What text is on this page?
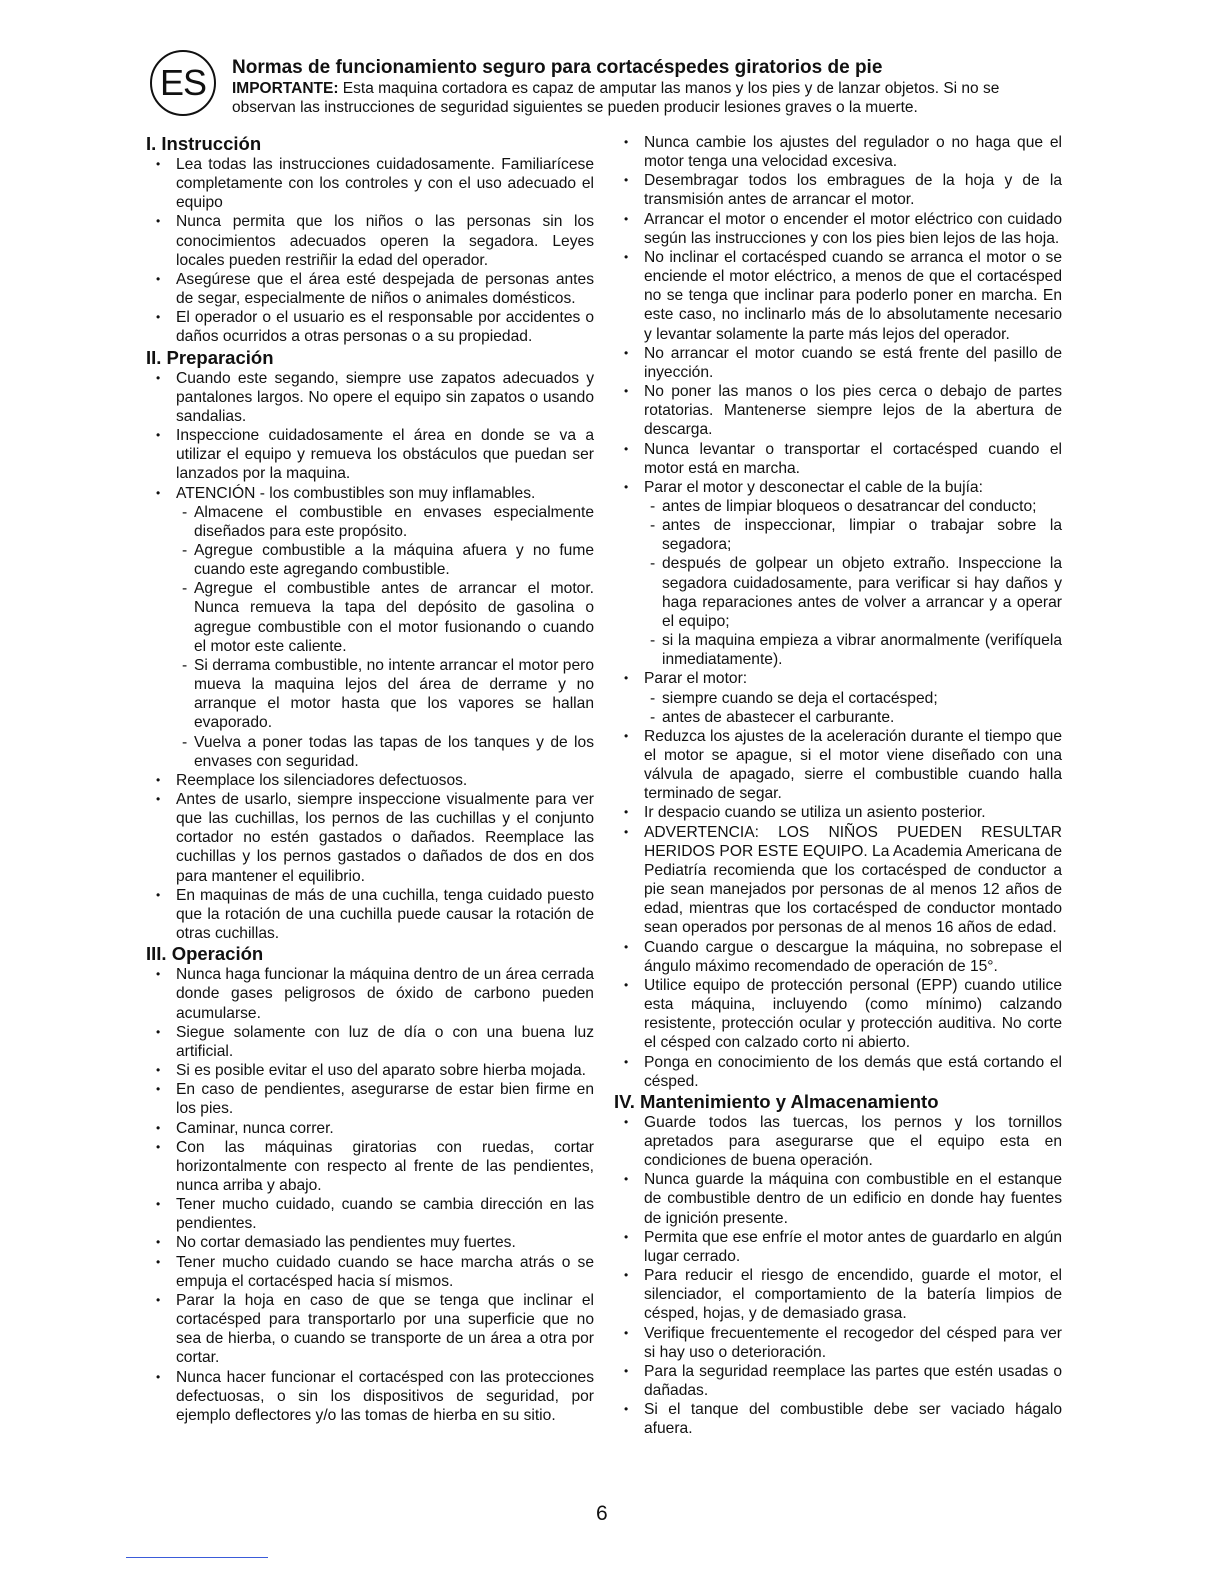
ES	Normas de funcionamiento seguro para cortacéspedes giratorios de pie
IMPORTANTE: Esta maquina cortadora es capaz de amputar las manos y los pies y de lanzar objetos. Si no se observan las instrucciones de seguridad siguientes se pueden producir lesiones graves o la muerte.
I. Instrucción
• Lea todas las instrucciones cuidadosamente. Familiarícese completamente con los controles y con el uso adecuado el equipo
• Nunca permita que los niños o las personas sin los conocimientos adecuados operen la segadora. Leyes locales pueden restriñir la edad del operador.
• Asegúrese que el área esté despejada de personas antes de segar, especialmente de niños o animales domésticos.
• El operador o el usuario es el responsable por accidentes o daños ocurridos a otras personas o a su propiedad.
II. Preparación
• Cuando este segando, siempre use zapatos adecuados y pantalones largos. No opere el equipo sin zapatos o usando sandalias.
• Inspeccione cuidadosamente el área en donde se va a utilizar el equipo y remueva los obstáculos que puedan ser lanzados por la maquina.
• ATENCIÓN - los combustibles son muy inflamables.
- Almacene el combustible en envases especialmente diseñados para este propósito.
- Agregue combustible a la máquina afuera y no fume cuando este agregando combustible.
- Agregue el combustible antes de arrancar el motor. Nunca remueva la tapa del depósito de gasolina o agregue combustible con el motor fusionando o cuando el motor este caliente.
- Si derrama combustible, no intente arrancar el motor pero mueva la maquina lejos del área de derrame y no arranque el motor hasta que los vapores se hallan evaporado.
- Vuelva a poner todas las tapas de los tanques y de los envases con seguridad.
• Reemplace los silenciadores defectuosos.
• Antes de usarlo, siempre inspeccione visualmente para ver que las cuchillas, los pernos de las cuchillas y el conjunto cortador no estén gastados o dañados. Reemplace las cuchillas y los pernos gastados o dañados de dos en dos para mantener el equilibrio.
• En maquinas de más de una cuchilla, tenga cuidado puesto que la rotación de una cuchilla puede causar la rotación de otras cuchillas.
III. Operación
• Nunca haga funcionar la máquina dentro de un área cerrada donde gases peligrosos de óxido de carbono pueden acumularse.
• Siegue solamente con luz de día o con una buena luz artificial.
• Si es posible evitar el uso del aparato sobre hierba mojada.
• En caso de pendientes, asegurarse de estar bien firme en los pies.
• Caminar, nunca correr.
• Con las máquinas giratorias con ruedas, cortar horizontalmente con respecto al frente de las pendientes, nunca arriba y abajo.
• Tener mucho cuidado, cuando se cambia dirección en las pendientes.
• No cortar demasiado las pendientes muy fuertes.
• Tener mucho cuidado cuando se hace marcha atrás o se empuja el cortacésped hacia sí mismos.
• Parar la hoja en caso de que se tenga que inclinar el cortacésped para transportarlo por una superficie que no sea de hierba, o cuando se transporte de un área a otra por cortar.
• Nunca hacer funcionar el cortacésped con las protecciones defectuosas, o sin los dispositivos de seguridad, por ejemplo deflectores y/o las tomas de hierba en su sitio.
• Nunca cambie los ajustes del regulador o no haga que el motor tenga una velocidad excesiva.
• Desembragar todos los embragues de la hoja y de la transmisión antes de arrancar el motor.
• Arrancar el motor o encender el motor eléctrico con cuidado según las instrucciones y con los pies bien lejos de las hoja.
• No inclinar el cortacésped cuando se arranca el motor o se enciende el motor eléctrico, a menos de que el cortacésped no se tenga que inclinar para poderlo poner en marcha. En este caso, no inclinarlo más de lo absolutamente necesario y levantar solamente la parte más lejos del operador.
• No arrancar el motor cuando se está frente del pasillo de inyección.
• No poner las manos o los pies cerca o debajo de partes rotatorias. Mantenerse siempre lejos de la abertura de descarga.
• Nunca levantar o transportar el cortacésped cuando el motor está en marcha.
• Parar el motor y desconectar el cable de la bujía:
- antes de limpiar bloqueos o desatrancar del conducto;
- antes de inspeccionar, limpiar o trabajar sobre la segadora;
- después de golpear un objeto extraño. Inspeccione la segadora cuidadosamente, para verificar si hay daños y haga reparaciones antes de volver a arrancar y a operar el equipo;
- si la maquina empieza a vibrar anormalmente (verifíquela inmediatamente).
• Parar el motor:
- siempre cuando se deja el cortacésped;
- antes de abastecer el carburante.
• Reduzca los ajustes de la aceleración durante el tiempo que el motor se apague, si el motor viene diseñado con una válvula de apagado, sierre el combustible cuando halla terminado de segar.
• Ir despacio cuando se utiliza un asiento posterior.
• ADVERTENCIA: LOS NIÑOS PUEDEN RESULTAR HERIDOS POR ESTE EQUIPO. La Academia Americana de Pediatría recomienda que los cortacésped de conductor a pie sean manejados por personas de al menos 12 años de edad, mientras que los cortacésped de conductor montado sean operados por personas de al menos 16 años de edad.
• Cuando cargue o descargue la máquina, no sobrepase el ángulo máximo recomendado de operación de 15°.
• Utilice equipo de protección personal (EPP) cuando utilice esta máquina, incluyendo (como mínimo) calzando resistente, protección ocular y protección auditiva. No corte el césped con calzado corto ni abierto.
• Ponga en conocimiento de los demás que está cortando el césped.
IV. Mantenimiento y Almacenamiento
• Guarde todos las tuercas, los pernos y los tornillos apretados para asegurarse que el equipo esta en condiciones de buena operación.
• Nunca guarde la máquina con combustible en el estanque de combustible dentro de un edificio en donde hay fuentes de ignición presente.
• Permita que ese enfríe el motor antes de guardarlo en algún lugar cerrado.
• Para reducir el riesgo de encendido, guarde el motor, el silenciador, el comportamiento de la batería limpios de césped, hojas, y de demasiado grasa.
• Verifique frecuentemente el recogedor del césped para ver si hay uso o deterioración.
• Para la seguridad reemplace las partes que estén usadas o dañadas.
• Si el tanque del combustible debe ser vaciado hágalo afuera.
6
